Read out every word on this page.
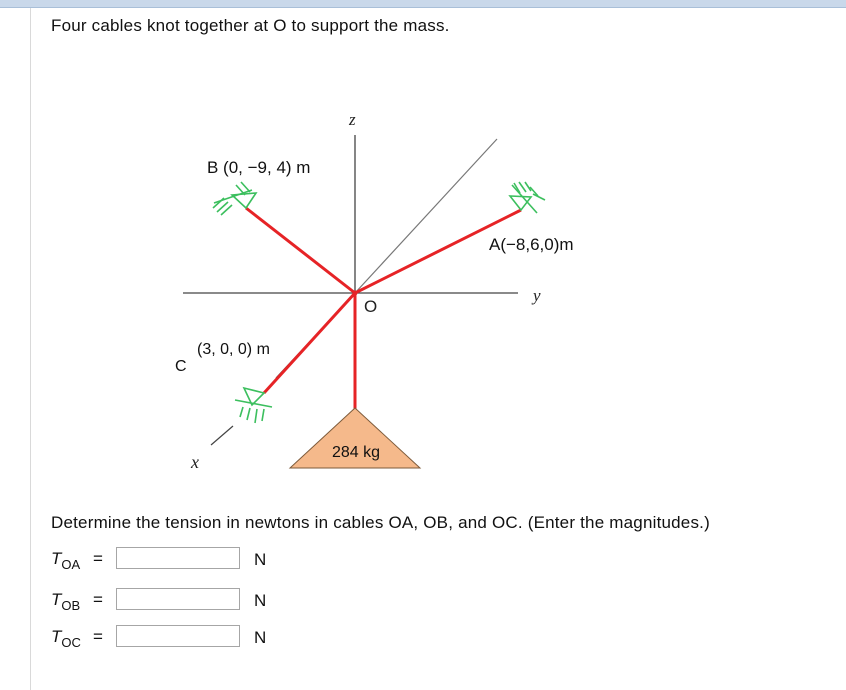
Four cables knot together at O to support the mass.
O
284 kg
z
y
x
B (0, −9, 4) m
A(−8,6,0)m
C
(3, 0, 0) m
Determine the tension in newtons in cables OA, OB, and OC. (Enter the magnitudes.)
$T_{OA}$ =	N
$T_{OB}$ =	N
$T_{OC}$ =	N
